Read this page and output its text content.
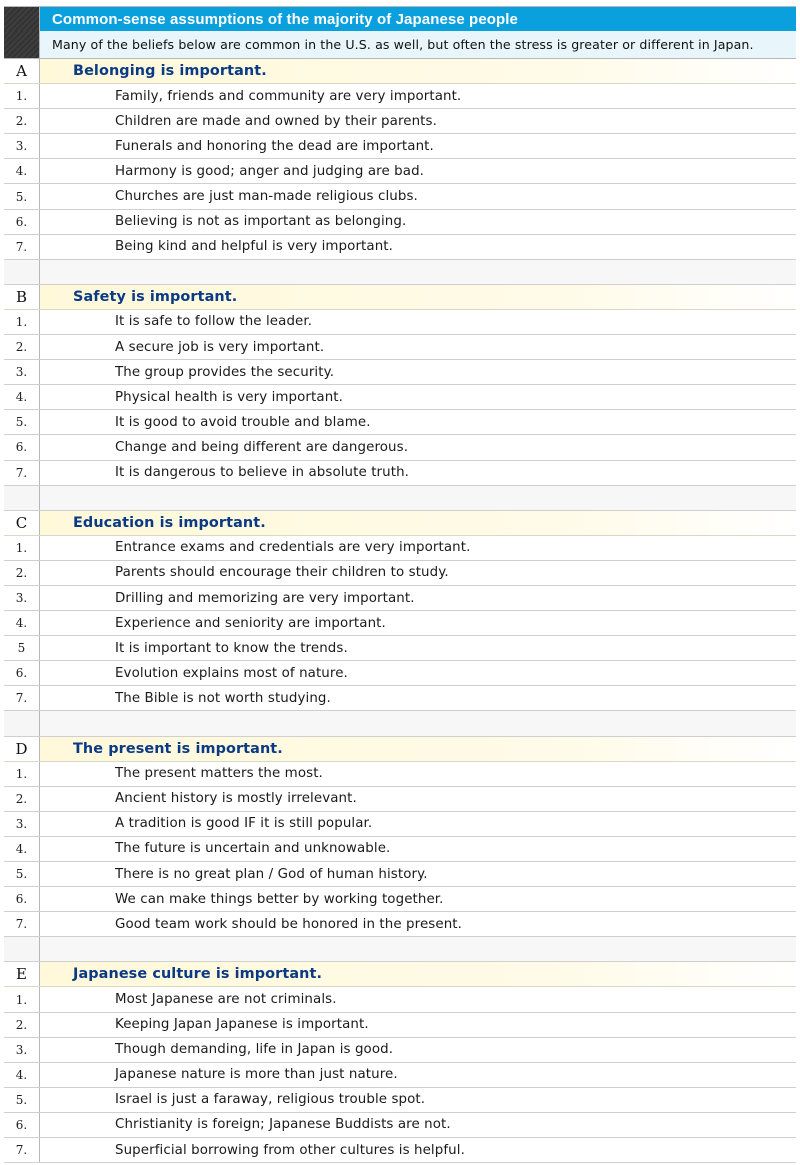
Common-sense assumptions of the majority of Japanese people
Many of the beliefs below are common in the U.S. as well, but often the stress is greater or different in Japan.
A	Belonging is important.
1.	Family, friends and community are very important.
2.	Children are made and owned by their parents.
3.	Funerals and honoring the dead are important.
4.	Harmony is good; anger and judging are bad.
5.	Churches are just man-made religious clubs.
6.	Believing is not as important as belonging.
7.	Being kind and helpful is very important.
B	Safety is important.
1.	It is safe to follow the leader.
2.	A secure job is very important.
3.	The group provides the security.
4.	Physical health is very important.
5.	It is good to avoid trouble and blame.
6.	Change and being different are dangerous.
7.	It is dangerous to believe in absolute truth.
C	Education is important.
1.	Entrance exams and credentials are very important.
2.	Parents should encourage their children to study.
3.	Drilling and memorizing are very important.
4.	Experience and seniority are important.
5	It is important to know the trends.
6.	Evolution explains most of nature.
7.	The Bible is not worth studying.
D	The present is important.
1.	The present matters the most.
2.	Ancient history is mostly irrelevant.
3.	A tradition is good IF it is still popular.
4.	The future is uncertain and unknowable.
5.	There is no great plan / God of human history.
6.	We can make things better by working together.
7.	Good team work should be honored in the present.
E	Japanese culture is important.
1.	Most Japanese are not criminals.
2.	Keeping Japan Japanese is important.
3.	Though demanding, life in Japan is good.
4.	Japanese nature is more than just nature.
5.	Israel is just a faraway, religious trouble spot.
6.	Christianity is foreign; Japanese Buddists are not.
7.	Superficial borrowing from other cultures is helpful.
